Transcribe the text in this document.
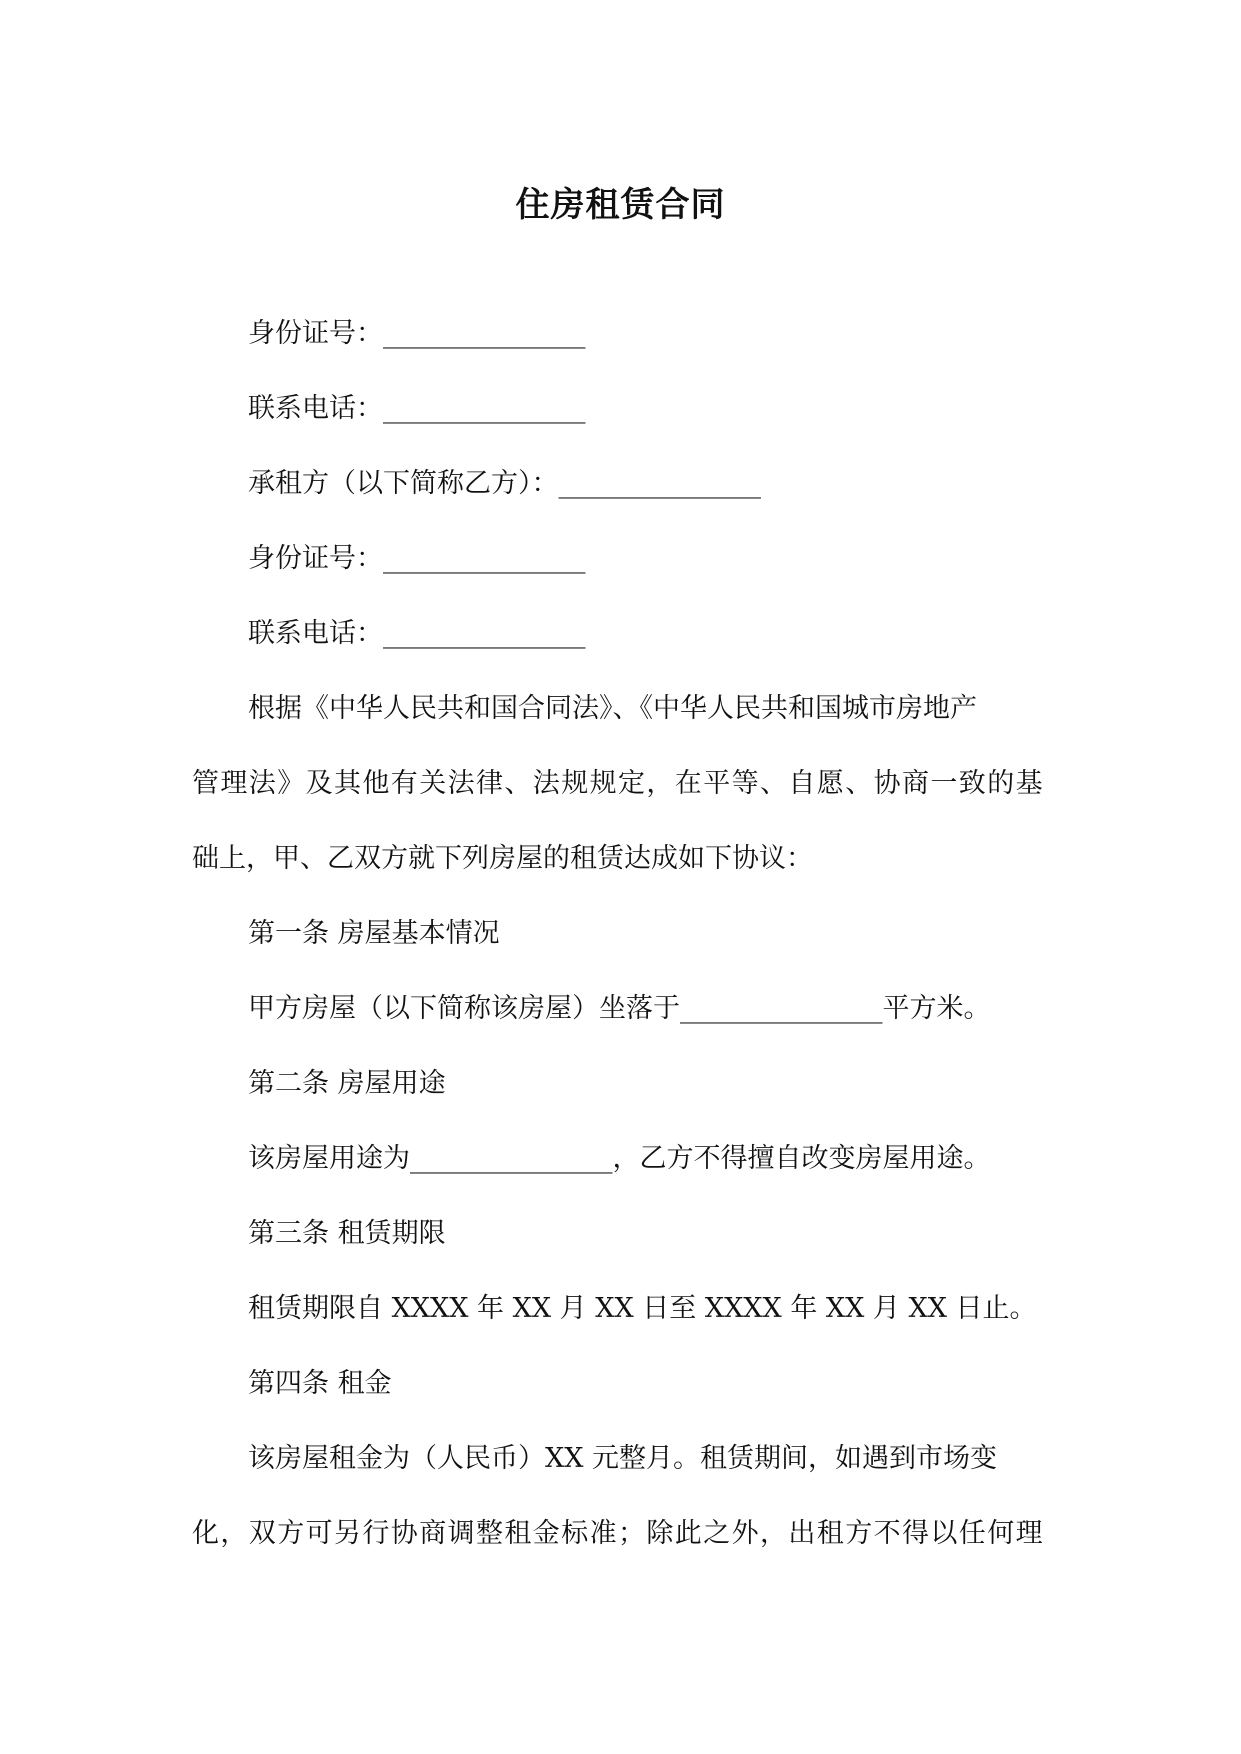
住房租赁合同
身份证号：_______________
联系电话：_______________
承租方（以下简称乙方）：_______________
身份证号：_______________
联系电话：_______________
根据《中华人民共和国合同法》、《中华人民共和国城市房地产
管理法》及其他有关法律、法规规定，在平等、自愿、协商一致的基
础上，甲、乙双方就下列房屋的租赁达成如下协议：
第一条 房屋基本情况
甲方房屋（以下简称该房屋）坐落于_______________平方米。
第二条 房屋用途
该房屋用途为_______________，乙方不得擅自改变房屋用途。
第三条 租赁期限
租赁期限自 XXXX 年 XX 月 XX 日至 XXXX 年 XX 月 XX 日止。
第四条 租金
该房屋租金为（人民币）XX 元整月。租赁期间，如遇到市场变
化，双方可另行协商调整租金标准；除此之外，出租方不得以任何理
